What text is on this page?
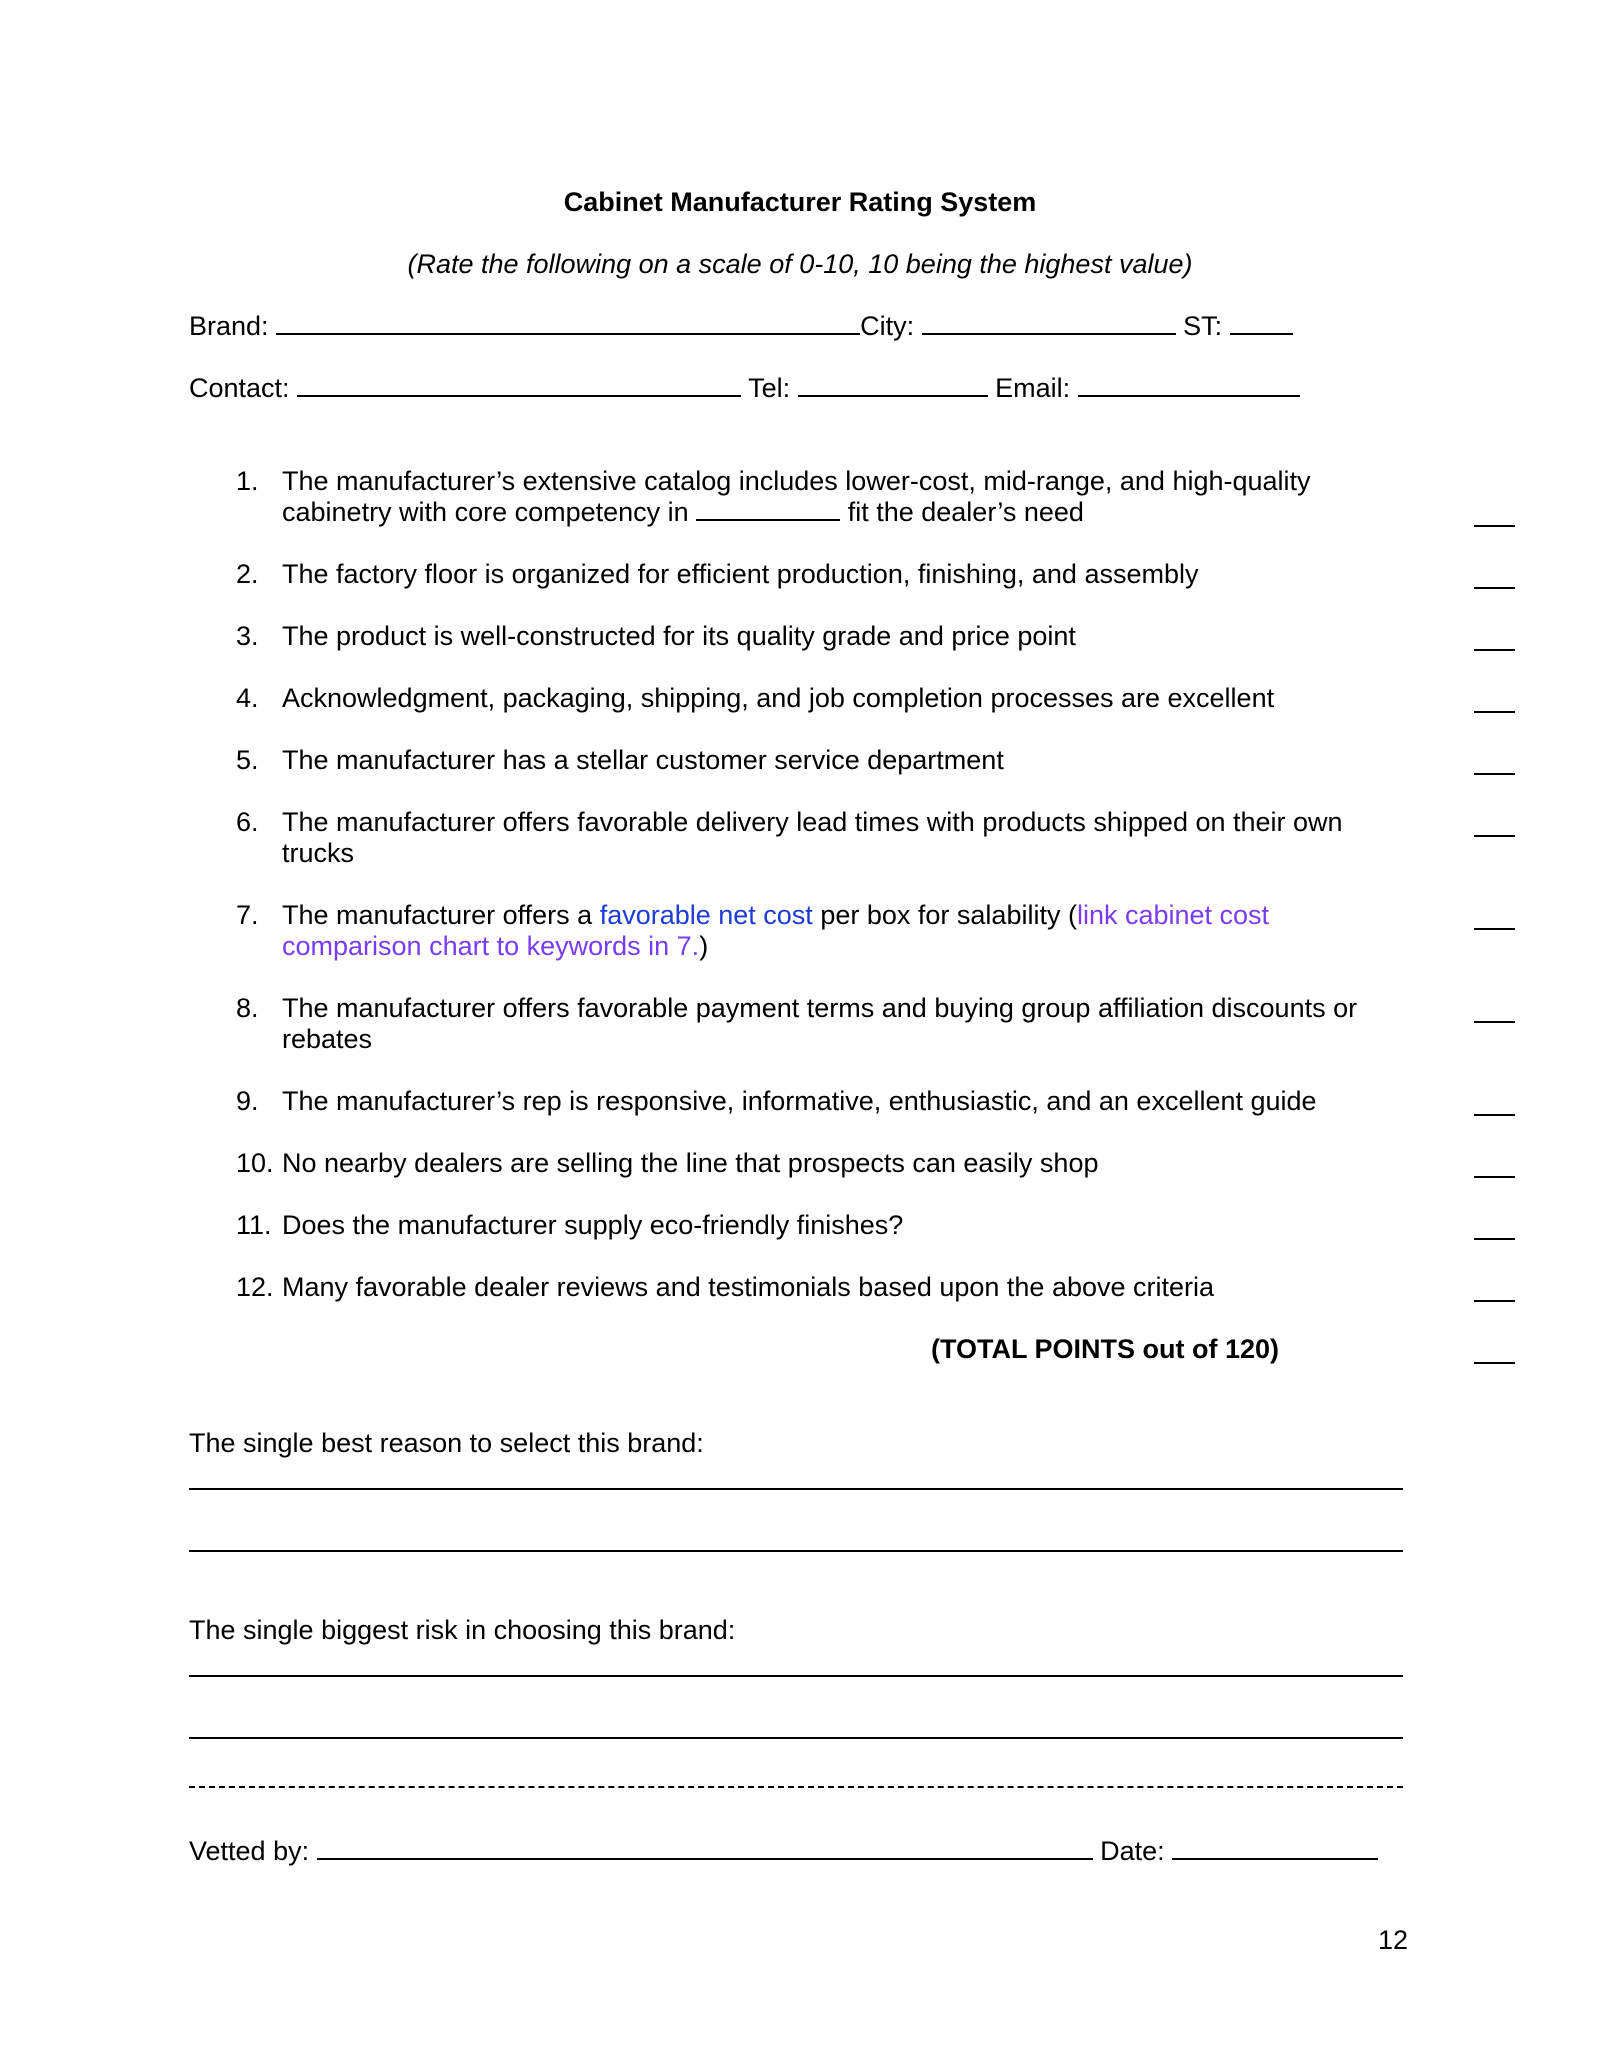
Cabinet Manufacturer Rating System
(Rate the following on a scale of 0-10, 10 being the highest value)
Brand:	City:	ST:
Contact:	Tel:	Email:
1. The manufacturer’s extensive catalog includes lower-cost, mid-range, and high-quality cabinetry with core competency in	fit the dealer’s need
2. The factory floor is organized for efficient production, finishing, and assembly
3. The product is well-constructed for its quality grade and price point
4. Acknowledgment, packaging, shipping, and job completion processes are excellent
5. The manufacturer has a stellar customer service department
6. The manufacturer offers favorable delivery lead times with products shipped on their own trucks
7. The manufacturer offers a favorable net cost per box for salability (link cabinet cost comparison chart to keywords in 7.)
8. The manufacturer offers favorable payment terms and buying group affiliation discounts or rebates
9. The manufacturer’s rep is responsive, informative, enthusiastic, and an excellent guide
10. No nearby dealers are selling the line that prospects can easily shop
11. Does the manufacturer supply eco-friendly finishes?
12. Many favorable dealer reviews and testimonials based upon the above criteria
(TOTAL POINTS out of 120)
The single best reason to select this brand:
The single biggest risk in choosing this brand:
Vetted by:	Date:
12
